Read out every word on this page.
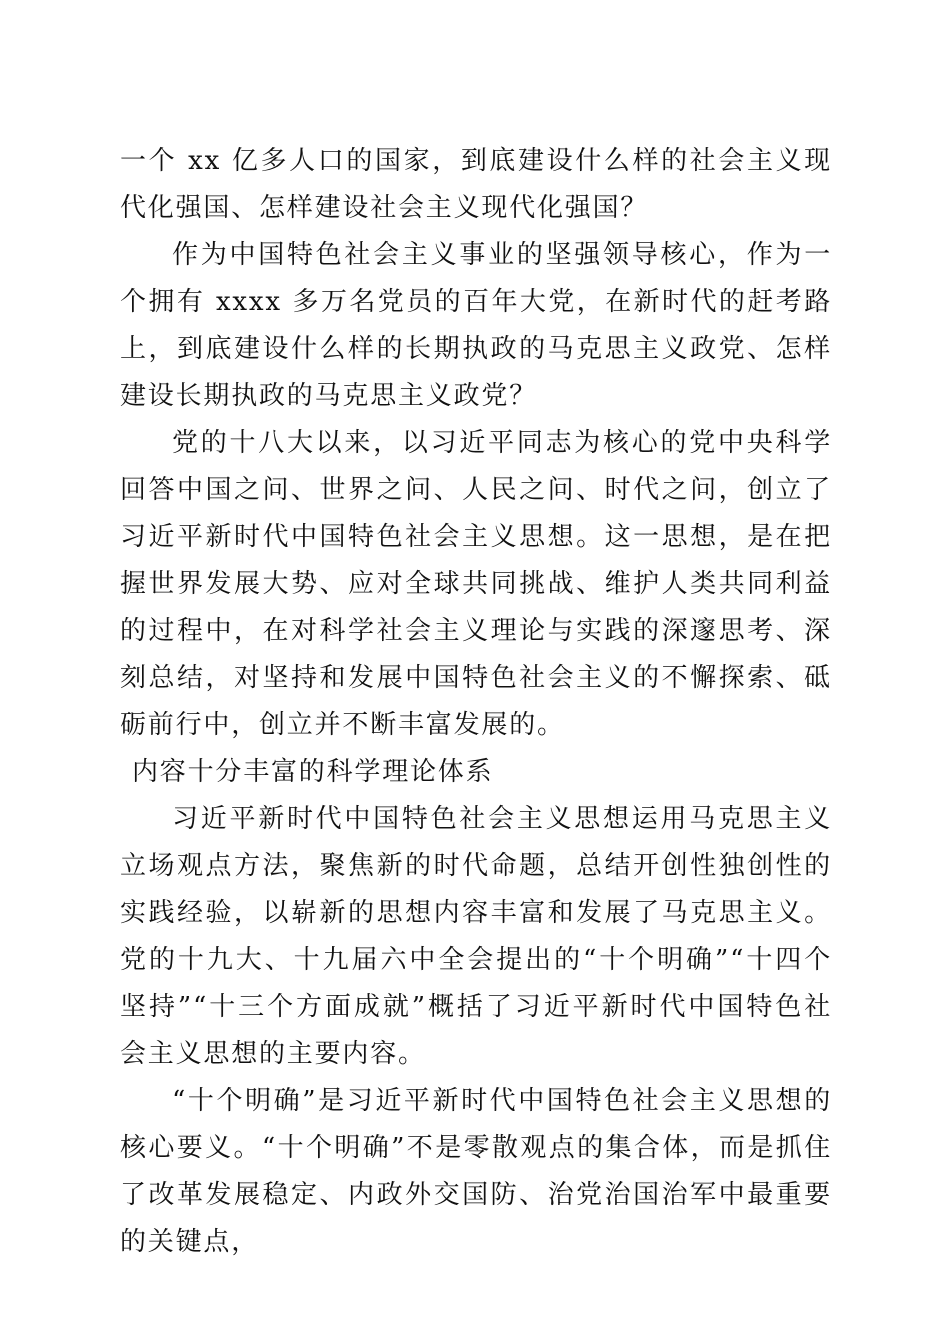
一个 xx 亿多人口的国家，到底建设什么样的社会主义现代化强国、怎样建设社会主义现代化强国？

作为中国特色社会主义事业的坚强领导核心，作为一个拥有 xxxx 多万名党员的百年大党，在新时代的赶考路上，到底建设什么样的长期执政的马克思主义政党、怎样建设长期执政的马克思主义政党？

党的十八大以来，以习近平同志为核心的党中央科学回答中国之问、世界之问、人民之问、时代之问，创立了习近平新时代中国特色社会主义思想。这一思想，是在把握世界发展大势、应对全球共同挑战、维护人类共同利益的过程中，在对科学社会主义理论与实践的深邃思考、深刻总结，对坚持和发展中国特色社会主义的不懈探索、砥砺前行中，创立并不断丰富发展的。

内容十分丰富的科学理论体系

习近平新时代中国特色社会主义思想运用马克思主义立场观点方法，聚焦新的时代命题，总结开创性独创性的实践经验，以崭新的思想内容丰富和发展了马克思主义。党的十九大、十九届六中全会提出的“十个明确”“十四个坚持”“十三个方面成就”概括了习近平新时代中国特色社会主义思想的主要内容。

“十个明确”是习近平新时代中国特色社会主义思想的核心要义。“十个明确”不是零散观点的集合体，而是抓住了改革发展稳定、内政外交国防、治党治国治军中最重要的关键点，
